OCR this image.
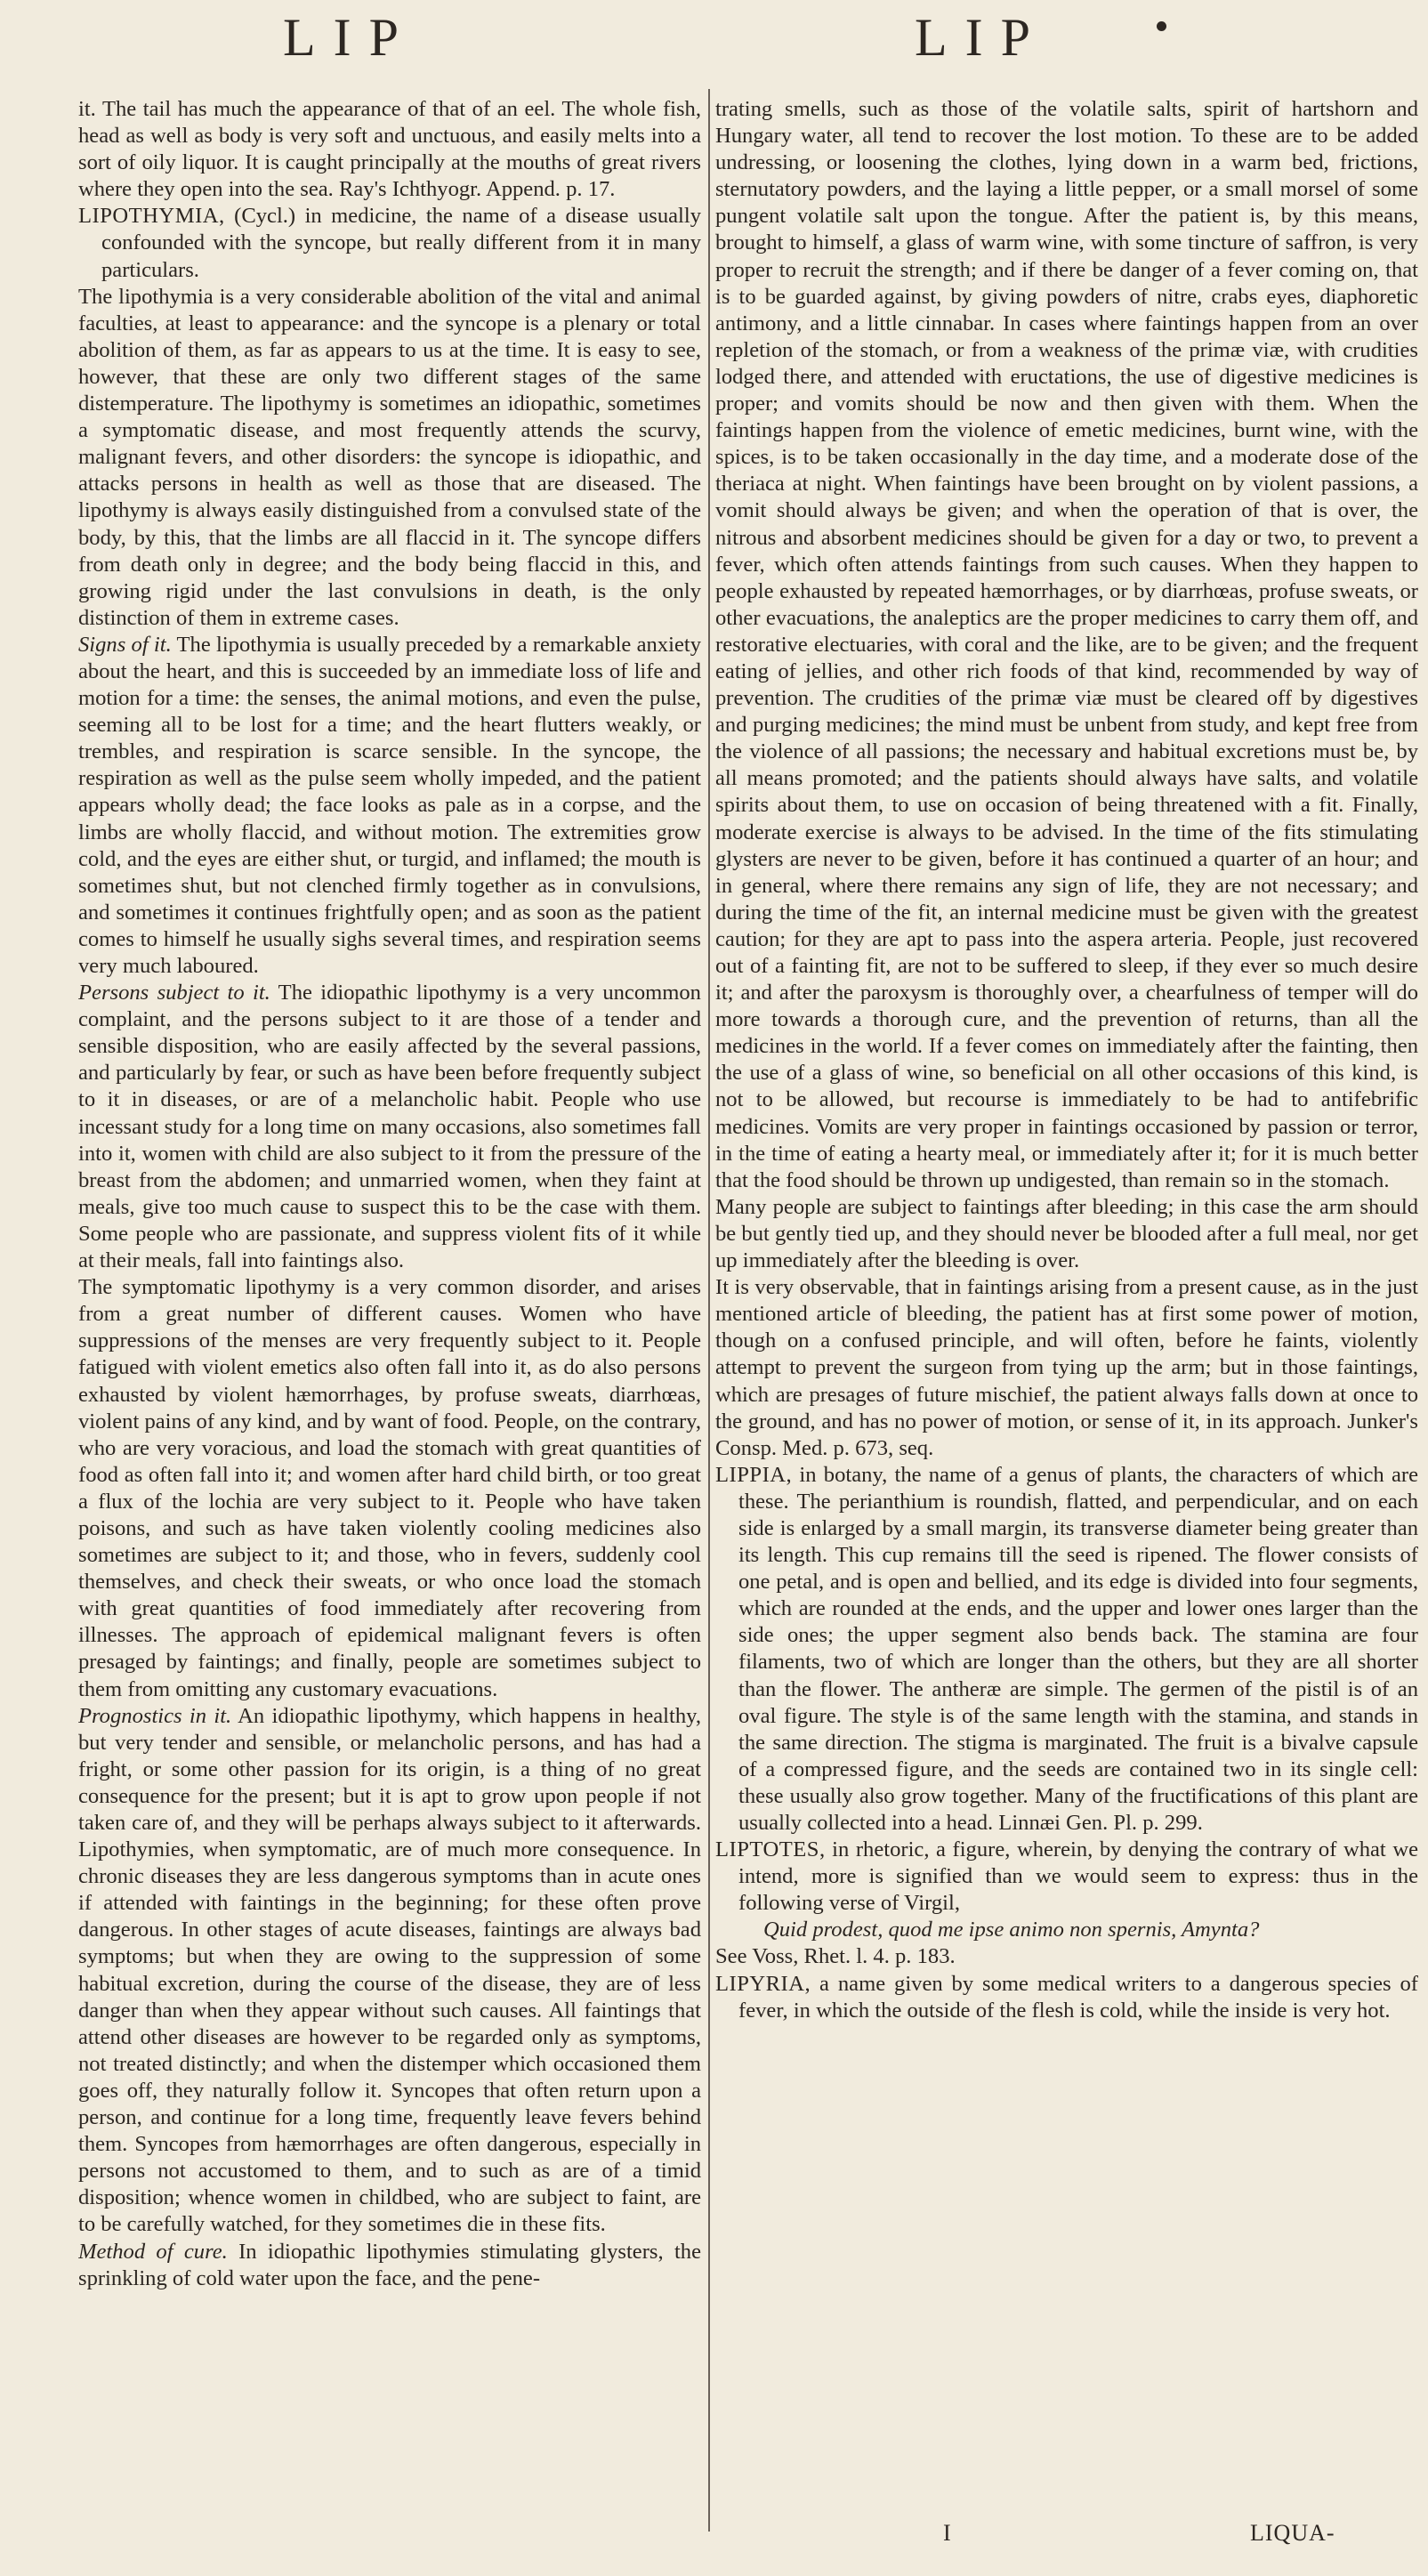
LIP	LIP

it. The tail has much the appearance of that of an eel. The whole fish, head as well as body is very soft and unctuous, and easily melts into a sort of oily liquor. It is caught principally at the mouths of great rivers where they open into the sea. Ray's Ichthyogr. Append. p. 17.

LIPOTHYMIA, (Cycl.) in medicine, the name of a disease usually confounded with the syncope, but really different from it in many particulars.

The lipothymia is a very considerable abolition of the vital and animal faculties, at least to appearance: and the syncope is a plenary or total abolition of them, as far as appears to us at the time. It is easy to see, however, that these are only two different stages of the same distemperature. The lipothymy is sometimes an idiopathic, sometimes a symptomatic disease, and most frequently attends the scurvy, malignant fevers, and other disorders: the syncope is idiopathic, and attacks persons in health as well as those that are diseased. The lipothymy is always easily distinguished from a convulsed state of the body, by this, that the limbs are all flaccid in it. The syncope differs from death only in degree; and the body being flaccid in this, and growing rigid under the last convulsions in death, is the only distinction of them in extreme cases.

Signs of it. The lipothymia is usually preceded by a remarkable anxiety about the heart, and this is succeeded by an immediate loss of life and motion for a time: the senses, the animal motions, and even the pulse, seeming all to be lost for a time; and the heart flutters weakly, or trembles, and respiration is scarce sensible. In the syncope, the respiration as well as the pulse seem wholly impeded, and the patient appears wholly dead; the face looks as pale as in a corpse, and the limbs are wholly flaccid, and without motion. The extremities grow cold, and the eyes are either shut, or turgid, and inflamed; the mouth is sometimes shut, but not clenched firmly together as in convulsions, and sometimes it continues frightfully open; and as soon as the patient comes to himself he usually sighs several times, and respiration seems very much laboured.

Persons subject to it. The idiopathic lipothymy is a very uncommon complaint, and the persons subject to it are those of a tender and sensible disposition, who are easily affected by the several passions, and particularly by fear, or such as have been before frequently subject to it in diseases, or are of a melancholic habit. People who use incessant study for a long time on many occasions, also sometimes fall into it, women with child are also subject to it from the pressure of the breast from the abdomen; and unmarried women, when they faint at meals, give too much cause to suspect this to be the case with them. Some people who are passionate, and suppress violent fits of it while at their meals, fall into faintings also.

The symptomatic lipothymy is a very common disorder, and arises from a great number of different causes. Women who have suppressions of the menses are very frequently subject to it. People fatigued with violent emetics also often fall into it, as do also persons exhausted by violent hæmorrhages, by profuse sweats, diarrhœas, violent pains of any kind, and by want of food. People, on the contrary, who are very voracious, and load the stomach with great quantities of food as often fall into it; and women after hard child birth, or too great a flux of the lochia are very subject to it. People who have taken poisons, and such as have taken violently cooling medicines also sometimes are subject to it; and those, who in fevers, suddenly cool themselves, and check their sweats, or who once load the stomach with great quantities of food immediately after recovering from illnesses. The approach of epidemical malignant fevers is often presaged by faintings; and finally, people are sometimes subject to them from omitting any customary evacuations.

Prognostics in it. An idiopathic lipothymy, which happens in healthy, but very tender and sensible, or melancholic persons, and has had a fright, or some other passion for its origin, is a thing of no great consequence for the present; but it is apt to grow upon people if not taken care of, and they will be perhaps always subject to it afterwards. Lipothymies, when symptomatic, are of much more consequence. In chronic diseases they are less dangerous symptoms than in acute ones if attended with faintings in the beginning; for these often prove dangerous. In other stages of acute diseases, faintings are always bad symptoms; but when they are owing to the suppression of some habitual excretion, during the course of the disease, they are of less danger than when they appear without such causes. All faintings that attend other diseases are however to be regarded only as symptoms, not treated distinctly; and when the distemper which occasioned them goes off, they naturally follow it. Syncopes that often return upon a person, and continue for a long time, frequently leave fevers behind them. Syncopes from hæmorrhages are often dangerous, especially in persons not accustomed to them, and to such as are of a timid disposition; whence women in childbed, who are subject to faint, are to be carefully watched, for they sometimes die in these fits.

Method of cure. In idiopathic lipothymies stimulating glysters, the sprinkling of cold water upon the face, and the pene-

trating smells, such as those of the volatile salts, spirit of hartshorn and Hungary water, all tend to recover the lost motion. To these are to be added undressing, or loosening the clothes, lying down in a warm bed, frictions, sternutatory powders, and the laying a little pepper, or a small morsel of some pungent volatile salt upon the tongue. After the patient is, by this means, brought to himself, a glass of warm wine, with some tincture of saffron, is very proper to recruit the strength; and if there be danger of a fever coming on, that is to be guarded against, by giving powders of nitre, crabs eyes, diaphoretic antimony, and a little cinnabar. In cases where faintings happen from an over repletion of the stomach, or from a weakness of the primæ viæ, with crudities lodged there, and attended with eructations, the use of digestive medicines is proper; and vomits should be now and then given with them. When the faintings happen from the violence of emetic medicines, burnt wine, with the spices, is to be taken occasionally in the day time, and a moderate dose of the theriaca at night. When faintings have been brought on by violent passions, a vomit should always be given; and when the operation of that is over, the nitrous and absorbent medicines should be given for a day or two, to prevent a fever, which often attends faintings from such causes. When they happen to people exhausted by repeated hæmorrhages, or by diarrhœas, profuse sweats, or other evacuations, the analeptics are the proper medicines to carry them off, and restorative electuaries, with coral and the like, are to be given; and the frequent eating of jellies, and other rich foods of that kind, recommended by way of prevention. The crudities of the primæ viæ must be cleared off by digestives and purging medicines; the mind must be unbent from study, and kept free from the violence of all passions; the necessary and habitual excretions must be, by all means promoted; and the patients should always have salts, and volatile spirits about them, to use on occasion of being threatened with a fit. Finally, moderate exercise is always to be advised. In the time of the fits stimulating glysters are never to be given, before it has continued a quarter of an hour; and in general, where there remains any sign of life, they are not necessary; and during the time of the fit, an internal medicine must be given with the greatest caution; for they are apt to pass into the aspera arteria. People, just recovered out of a fainting fit, are not to be suffered to sleep, if they ever so much desire it; and after the paroxysm is thoroughly over, a chearfulness of temper will do more towards a thorough cure, and the prevention of returns, than all the medicines in the world. If a fever comes on immediately after the fainting, then the use of a glass of wine, so beneficial on all other occasions of this kind, is not to be allowed, but recourse is immediately to be had to antifebrific medicines. Vomits are very proper in faintings occasioned by passion or terror, in the time of eating a hearty meal, or immediately after it; for it is much better that the food should be thrown up undigested, than remain so in the stomach.

Many people are subject to faintings after bleeding; in this case the arm should be but gently tied up, and they should never be blooded after a full meal, nor get up immediately after the bleeding is over.

It is very observable, that in faintings arising from a present cause, as in the just mentioned article of bleeding, the patient has at first some power of motion, though on a confused principle, and will often, before he faints, violently attempt to prevent the surgeon from tying up the arm; but in those faintings, which are presages of future mischief, the patient always falls down at once to the ground, and has no power of motion, or sense of it, in its approach. Junker's Consp. Med. p. 673, seq.

LIPPIA, in botany, the name of a genus of plants, the characters of which are these. The perianthium is roundish, flatted, and perpendicular, and on each side is enlarged by a small margin, its transverse diameter being greater than its length. This cup remains till the seed is ripened. The flower consists of one petal, and is open and bellied, and its edge is divided into four segments, which are rounded at the ends, and the upper and lower ones larger than the side ones; the upper segment also bends back. The stamina are four filaments, two of which are longer than the others, but they are all shorter than the flower. The antheræ are simple. The germen of the pistil is of an oval figure. The style is of the same length with the stamina, and stands in the same direction. The stigma is marginated. The fruit is a bivalve capsule of a compressed figure, and the seeds are contained two in its single cell: these usually also grow together. Many of the fructifications of this plant are usually collected into a head. Linnæi Gen. Pl. p. 299.

LIPTOTES, in rhetoric, a figure, wherein, by denying the contrary of what we intend, more is signified than we would seem to express: thus in the following verse of Virgil,

Quid prodest, quod me ipse animo non spernis, Amynta?

See Voss, Rhet. l. 4. p. 183.

LIPYRIA, a name given by some medical writers to a dangerous species of fever, in which the outside of the flesh is cold, while the inside is very hot.

I	LIQUA-
